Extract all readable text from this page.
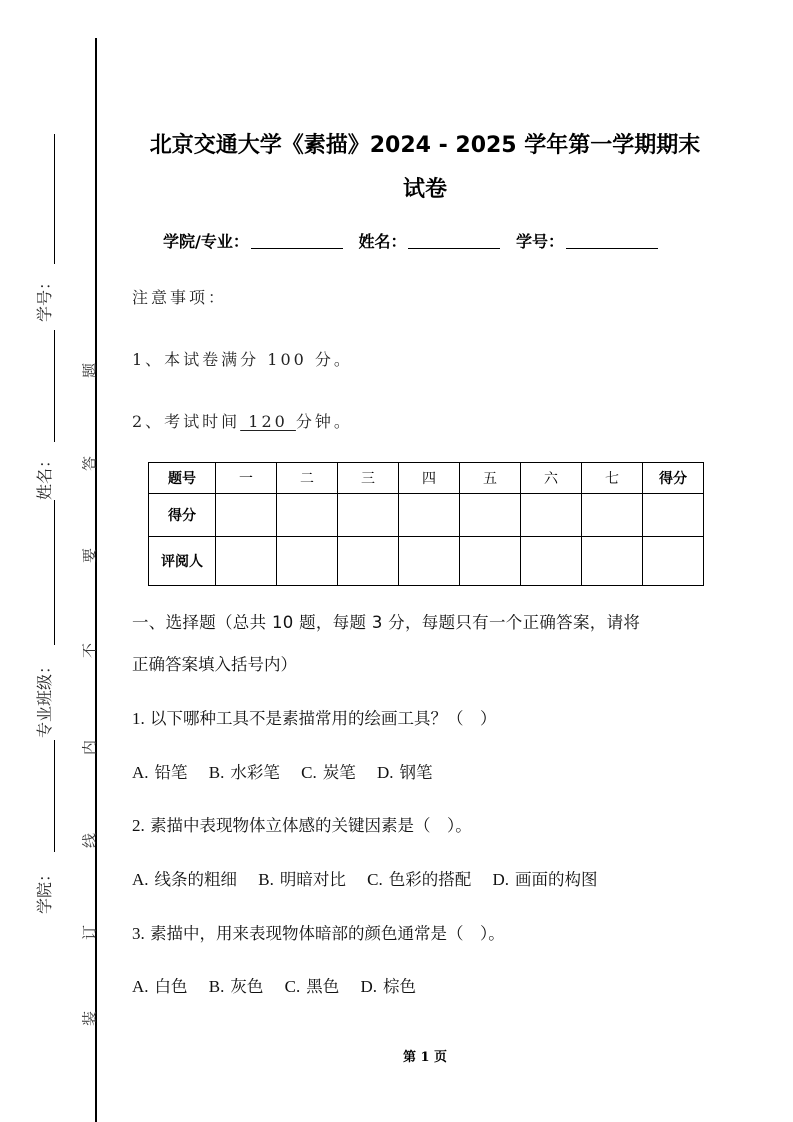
学号：
姓名：
专业班级：
学院：
题
答
要
不
内
线
订
装
北京交通大学《素描》2024 - 2025 学年第一学期期末
试卷
学院/专业：	姓名：	学号：
注意事项：
1、本试卷满分 100 分。
2、考试时间 120 分钟。
题号	一	二	三	四	五	六	七	得分
得分								
评阅人								
一、选择题（总共 10 题，每题 3 分，每题只有一个正确答案，请将
正确答案填入括号内）
1. 以下哪种工具不是素描常用的绘画工具？（　）
A. 铅笔 B. 水彩笔 C. 炭笔 D. 钢笔
2. 素描中表现物体立体感的关键因素是（　）。
A. 线条的粗细 B. 明暗对比 C. 色彩的搭配 D. 画面的构图
3. 素描中，用来表现物体暗部的颜色通常是（　）。
A. 白色 B. 灰色 C. 黑色 D. 棕色
第 1 页
